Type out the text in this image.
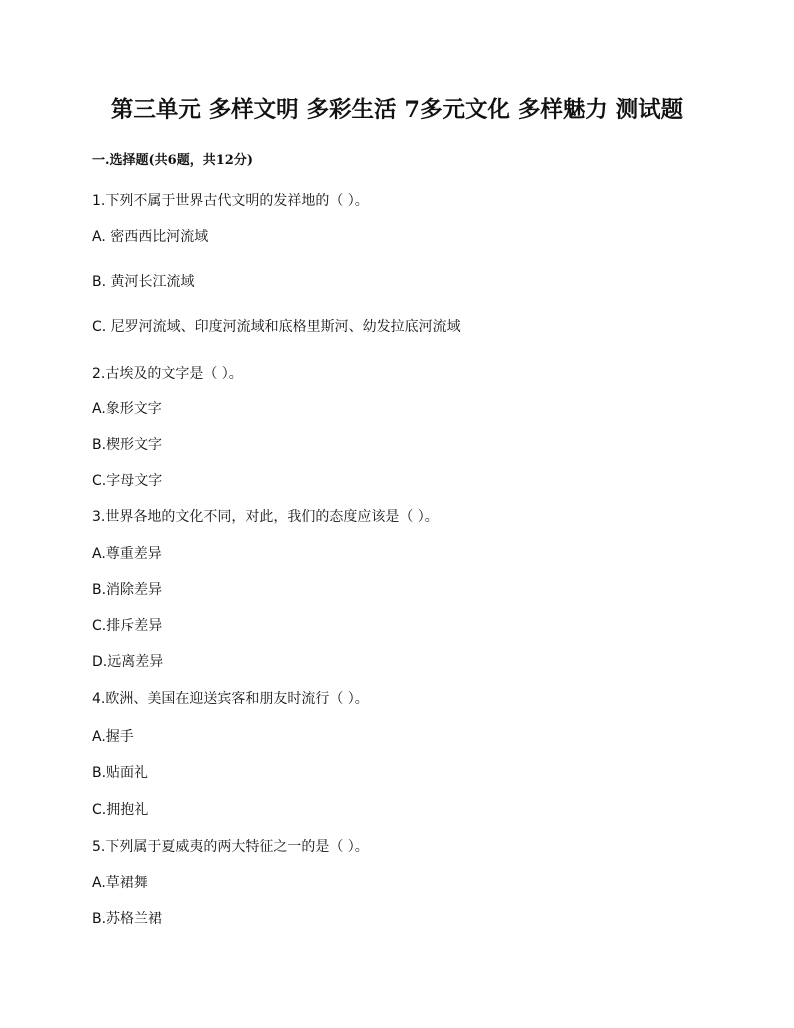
第三单元 多样文明 多彩生活 7多元文化 多样魅力 测试题
一.选择题(共6题，共12分)
1.下列不属于世界古代文明的发祥地的（ ）。
A. 密西西比河流域
B. 黄河长江流域
C. 尼罗河流域、印度河流域和底格里斯河、幼发拉底河流域
2.古埃及的文字是（ ）。
A.象形文字
B.楔形文字
C.字母文字
3.世界各地的文化不同，对此，我们的态度应该是（ ）。
A.尊重差异
B.消除差异
C.排斥差异
D.远离差异
4.欧洲、美国在迎送宾客和朋友时流行（ ）。
A.握手
B.贴面礼
C.拥抱礼
5.下列属于夏威夷的两大特征之一的是（ ）。
A.草裙舞
B.苏格兰裙
